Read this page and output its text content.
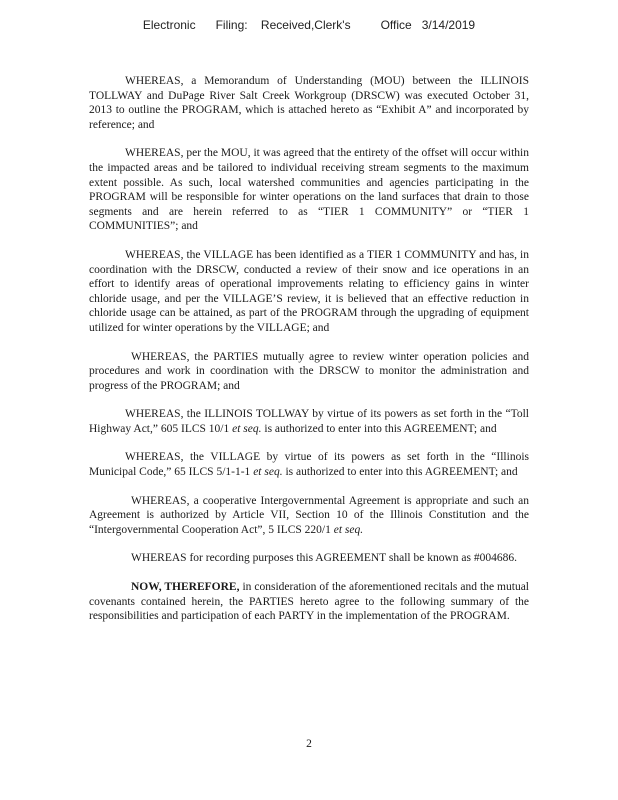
Electronic      Filing:    Received,Clerk's         Office   3/14/2019

WHEREAS, a Memorandum of Understanding (MOU) between the ILLINOIS TOLLWAY and DuPage River Salt Creek Workgroup (DRSCW) was executed October 31, 2013 to outline the PROGRAM, which is attached hereto as “Exhibit A” and incorporated by reference; and

WHEREAS, per the MOU, it was agreed that the entirety of the offset will occur within the impacted areas and be tailored to individual receiving stream segments to the maximum extent possible. As such, local watershed communities and agencies participating in the PROGRAM will be responsible for winter operations on the land surfaces that drain to those segments and are herein referred to as “TIER 1 COMMUNITY” or “TIER 1 COMMUNITIES”; and

WHEREAS, the VILLAGE has been identified as a TIER 1 COMMUNITY and has, in coordination with the DRSCW, conducted a review of their snow and ice operations in an effort to identify areas of operational improvements relating to efficiency gains in winter chloride usage, and per the VILLAGE’S review, it is believed that an effective reduction in chloride usage can be attained, as part of the PROGRAM through the upgrading of equipment utilized for winter operations by the VILLAGE; and

WHEREAS, the PARTIES mutually agree to review winter operation policies and procedures and work in coordination with the DRSCW to monitor the administration and progress of the PROGRAM; and

WHEREAS, the ILLINOIS TOLLWAY by virtue of its powers as set forth in the “Toll Highway Act,” 605 ILCS 10/1 et seq. is authorized to enter into this AGREEMENT; and

WHEREAS, the VILLAGE by virtue of its powers as set forth in the “Illinois Municipal Code,” 65 ILCS 5/1-1-1 et seq. is authorized to enter into this AGREEMENT; and

WHEREAS, a cooperative Intergovernmental Agreement is appropriate and such an Agreement is authorized by Article VII, Section 10 of the Illinois Constitution and the “Intergovernmental Cooperation Act”, 5 ILCS 220/1 et seq.

WHEREAS for recording purposes this AGREEMENT shall be known as #004686.

NOW, THEREFORE, in consideration of the aforementioned recitals and the mutual covenants contained herein, the PARTIES hereto agree to the following summary of the responsibilities and participation of each PARTY in the implementation of the PROGRAM.

2
